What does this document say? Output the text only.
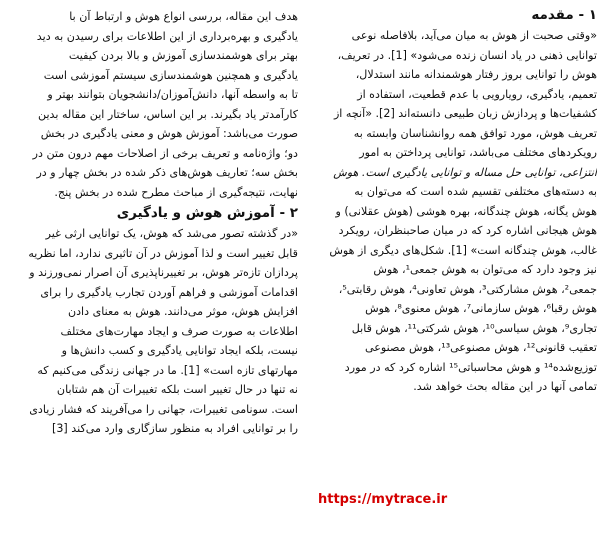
۱ - مقدمه
«وقتی صحبت از هوش به میان می‌آید، بلافاصله نوعی
توانایی ذهنی در یاد انسان زنده می‌شود» [1]. در تعریف،
هوش را توانایی بروز رفتار هوشمندانه مانند استدلال،
تعمیم، یادگیری، رویارویی با عدم قطعیت، استفاده از
کشفیات‌ها و پردازش زبان طبیعی دانسته‌اند [2]. «آنچه از
تعریف هوش، مورد توافق همه روانشناسان وابسته به
رویکردهای مختلف می‌باشد، توانایی پرداختن به امور
انتزاعی، توانایی حل مساله و توانایی یادگیری است. هوش
به دسته‌های مختلفی تقسیم شده است که می‌توان به
هوش یگانه، هوش چندگانه، بهره هوشی (هوش عقلانی) و
هوش هیجانی اشاره کرد که در میان صاحبنظران، رویکرد
غالب، هوش چندگانه است» [1]. شکل‌های دیگری از هوش
نیز وجود دارد که می‌توان به هوش جمعی¹، هوش
جمعی²، هوش مشارکتی³، هوش تعاونی⁴، هوش رقابتی⁵،
هوش رقبا⁶، هوش سازمانی⁷، هوش معنوی⁸، هوش
تجاری⁹، هوش سیاسی¹⁰، هوش شرکتی¹¹، هوش قابل
تعقیب قانونی¹²، هوش مصنوعی¹³، هوش مصنوعی
توزیع‌شده¹⁴ و هوش محاسباتی¹⁵ اشاره کرد که در مورد
تمامی آنها در این مقاله بحث خواهد شد.
هدف این مقاله، بررسی انواع هوش و ارتباط آن با
یادگیری و بهره‌برداری از این اطلاعات برای رسیدن به دید
بهتر برای هوشمندسازی آموزش و بالا بردن کیفیت
یادگیری و همچنین هوشمندسازی سیستم آموزشی است
تا به واسطه آنها، دانش‌آموزان/دانشجویان بتوانند بهتر و
کارآمدتر یاد بگیرند. بر این اساس، ساختار این مقاله بدین
صورت می‌باشد: آموزش هوش و معنی یادگیری در بخش
دو؛ واژه‌نامه و تعریف برخی از اصلاحات مهم درون متن در
بخش سه؛ تعاریف هوش‌های ذکر شده در بخش چهار و در
نهایت، نتیجه‌گیری از مباحث مطرح شده در بخش پنج.
۲ - آموزش هوش و یادگیری
«در گذشته تصور می‌شد که هوش، یک توانایی ارثی غیر
قابل تغییر است و لذا آموزش در آن تاثیری ندارد، اما نظریه‌
پردازان تازه‌تر هوش، بر تغییرناپذیری آن اصرار نمی‌ورزند و
اقدامات آموزشی و فراهم آوردن تجارب یادگیری را برای
افزایش هوش، موثر می‌دانند. هوش به معنای دادن
اطلاعات به صورت صرف و ایجاد مهارت‌های مختلف
نیست، بلکه ایجاد توانایی یادگیری و کسب دانش‌ها و
مهارتهای تازه است» [1]. ما در جهانی زندگی می‌کنیم که
نه تنها در حال تغییر است بلکه تغییرات آن هم شتابان
است. سونامی تغییرات، جهانی را می‌آفریند که فشار زیادی
را بر توانایی افراد به منظور سازگاری وارد می‌کند [3]
https://mytrace.ir
